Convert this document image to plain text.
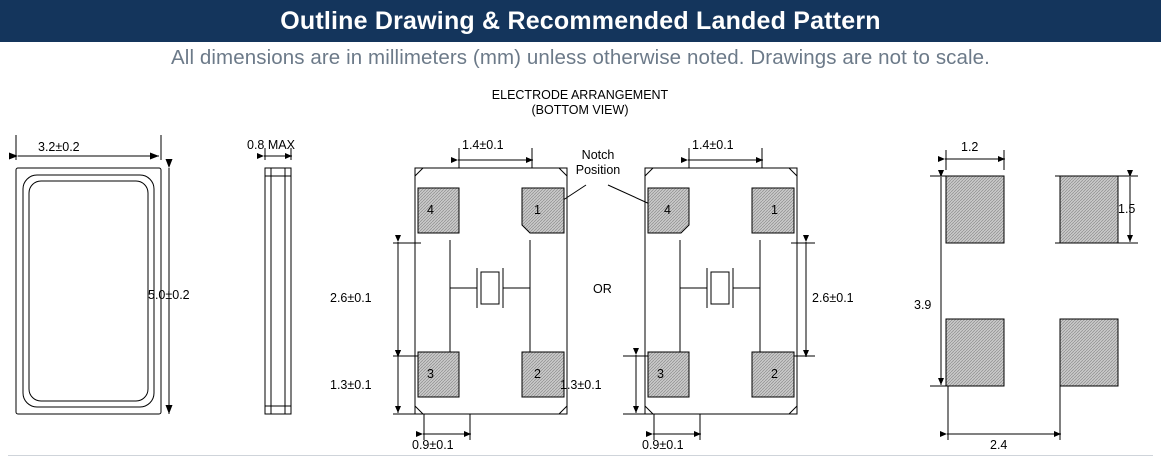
Outline Drawing & Recommended Landed Pattern
All dimensions are in millimeters (mm) unless otherwise noted. Drawings are not to scale.
ELECTRODE ARRANGEMENT
(BOTTOM VIEW)
3.2±0.2
5.0±0.2
0.8 MAX	1.4±0.1
2.6±0.1
1.3±0.1
0.9±0.1
4	1
3	2
Notch
Position
OR
1.4±0.1
2.6±0.1
1.3±0.1
0.9±0.1
4	1
3	2
1.2
1.5
3.9
2.4
